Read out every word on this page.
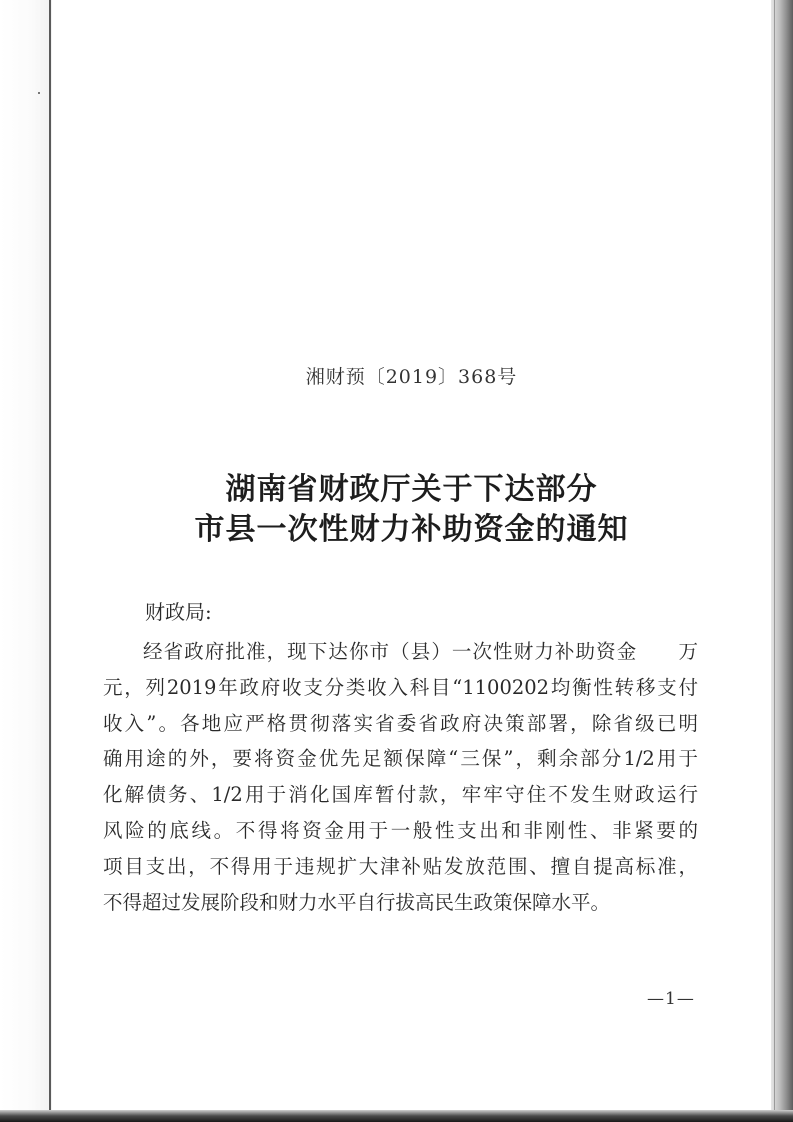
湘财预〔2019〕368号
湖南省财政厅关于下达部分
市县一次性财力补助资金的通知
财政局:
经省政府批准，现下达你市（县）一次性财力补助资金　　万
元，列2019年政府收支分类收入科目“1100202均衡性转移支付
收入”。各地应严格贯彻落实省委省政府决策部署，除省级已明
确用途的外，要将资金优先足额保障“三保”，剩余部分1/2用于
化解债务、1/2用于消化国库暂付款，牢牢守住不发生财政运行
风险的底线。不得将资金用于一般性支出和非刚性、非紧要的
项目支出，不得用于违规扩大津补贴发放范围、擅自提高标准，
不得超过发展阶段和财力水平自行拔高民生政策保障水平。
—1—
